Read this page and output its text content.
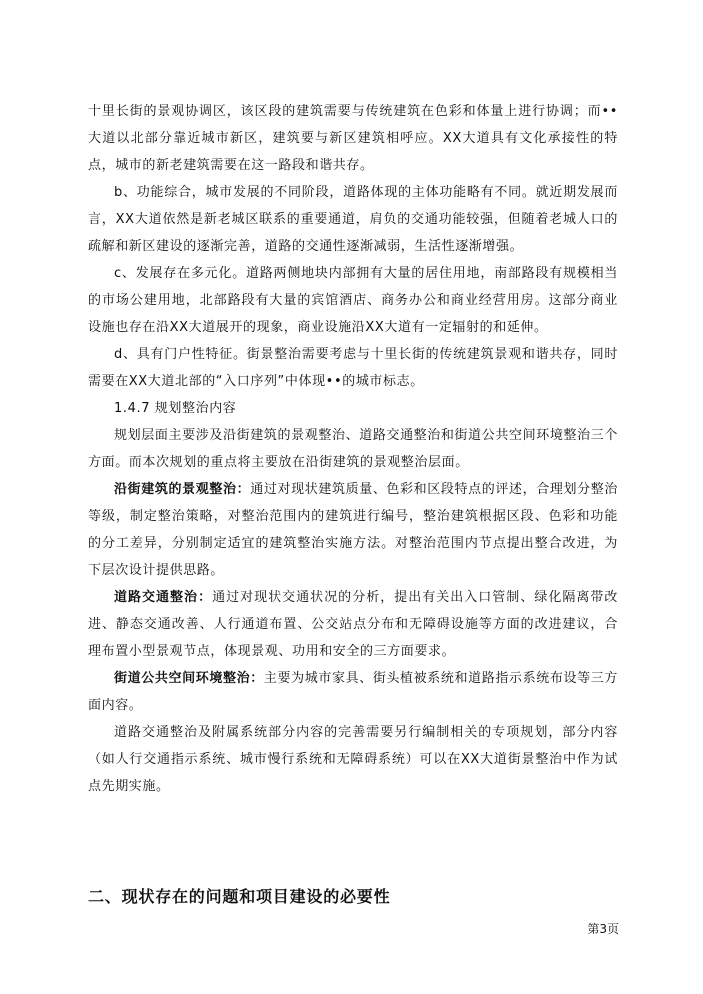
十里长街的景观协调区，该区段的建筑需要与传统建筑在色彩和体量上进行协调；而••大道以北部分靠近城市新区，建筑要与新区建筑相呼应。XX大道具有文化承接性的特点，城市的新老建筑需要在这一路段和谐共存。

b、功能综合，城市发展的不同阶段，道路体现的主体功能略有不同。就近期发展而言，XX大道依然是新老城区联系的重要通道，肩负的交通功能较强，但随着老城人口的疏解和新区建设的逐渐完善，道路的交通性逐渐减弱，生活性逐渐增强。

c、发展存在多元化。道路两侧地块内部拥有大量的居住用地，南部路段有规模相当的市场公建用地，北部路段有大量的宾馆酒店、商务办公和商业经营用房。这部分商业设施也存在沿XX大道展开的现象，商业设施沿XX大道有一定辐射的和延伸。

d、具有门户性特征。街景整治需要考虑与十里长街的传统建筑景观和谐共存，同时需要在XX大道北部的“入口序列”中体现••的城市标志。

1.4.7 规划整治内容

规划层面主要涉及沿街建筑的景观整治、道路交通整治和街道公共空间环境整治三个方面。而本次规划的重点将主要放在沿街建筑的景观整治层面。

沿街建筑的景观整治：通过对现状建筑质量、色彩和区段特点的评述，合理划分整治等级，制定整治策略，对整治范围内的建筑进行编号，整治建筑根据区段、色彩和功能的分工差异，分别制定适宜的建筑整治实施方法。对整治范围内节点提出整合改进，为下层次设计提供思路。

道路交通整治：通过对现状交通状况的分析，提出有关出入口管制、绿化隔离带改进、静态交通改善、人行通道布置、公交站点分布和无障碍设施等方面的改进建议，合理布置小型景观节点，体现景观、功用和安全的三方面要求。

街道公共空间环境整治：主要为城市家具、街头植被系统和道路指示系统布设等三方面内容。

道路交通整治及附属系统部分内容的完善需要另行编制相关的专项规划，部分内容（如人行交通指示系统、城市慢行系统和无障碍系统）可以在XX大道街景整治中作为试点先期实施。

二、现状存在的问题和项目建设的必要性
第3页
